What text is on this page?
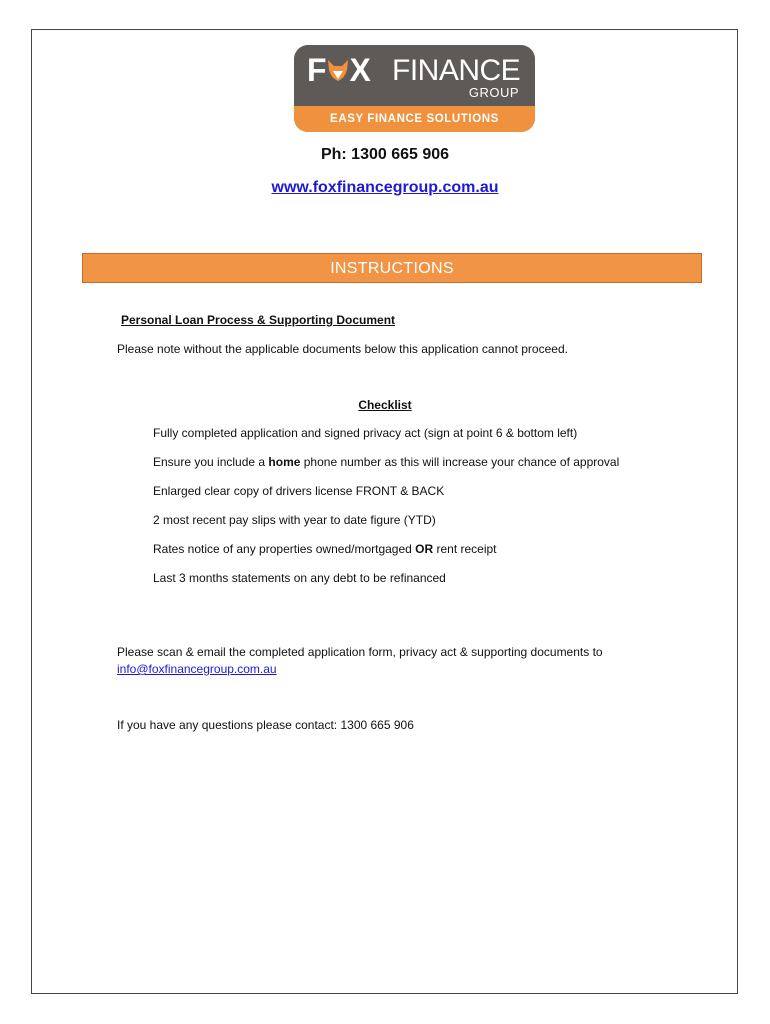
F X FINANCE
GROUP
EASY FINANCE SOLUTIONS
Ph: 1300 665 906
www.foxfinancegroup.com.au
INSTRUCTIONS
Personal Loan Process & Supporting Document
Please note without the applicable documents below this application cannot proceed.
Checklist
Fully completed application and signed privacy act (sign at point 6 & bottom left)
Ensure you include a home phone number as this will increase your chance of approval
Enlarged clear copy of drivers license FRONT & BACK
2 most recent pay slips with year to date figure (YTD)
Rates notice of any properties owned/mortgaged OR rent receipt
Last 3 months statements on any debt to be refinanced
Please scan & email the completed application form, privacy act & supporting documents to
info@foxfinancegroup.com.au
If you have any questions please contact: 1300 665 906
